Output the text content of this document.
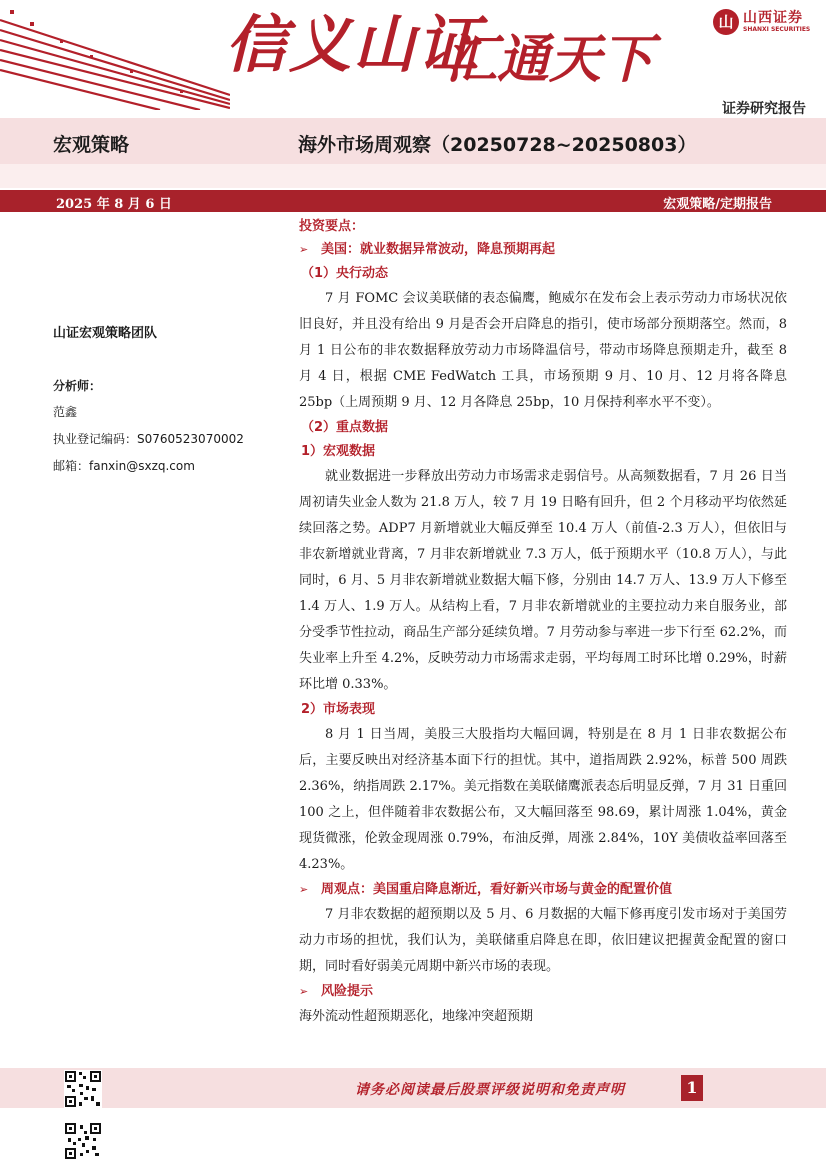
信义山证
汇通天下
山 山西证券
SHANXI SECURITIES
证券研究报告
宏观策略	海外市场周观察（20250728~20250803）
2025 年 8 月 6 日	宏观策略/定期报告
山证宏观策略团队
分析师：
范鑫
执业登记编码：S0760523070002
邮箱：fanxin@sxzq.com
投资要点：
➢ 美国：就业数据异常波动，降息预期再起
（1）央行动态

7 月 FOMC 会议美联储的表态偏鹰，鲍威尔在发布会上表示劳动力市场状况依旧良好，并且没有给出 9 月是否会开启降息的指引，使市场部分预期落空。然而，8 月 1 日公布的非农数据释放劳动力市场降温信号，带动市场降息预期走升，截至 8 月 4 日，根据 CME FedWatch 工具，市场预期 9 月、10 月、12 月将各降息 25bp（上周预期 9 月、12 月各降息 25bp，10 月保持利率水平不变）。

（2）重点数据
1）宏观数据

就业数据进一步释放出劳动力市场需求走弱信号。从高频数据看，7 月 26 日当周初请失业金人数为 21.8 万人，较 7 月 19 日略有回升，但 2 个月移动平均依然延续回落之势。ADP7 月新增就业大幅反弹至 10.4 万人（前值-2.3 万人），但依旧与非农新增就业背离，7 月非农新增就业 7.3 万人，低于预期水平（10.8 万人），与此同时，6 月、5 月非农新增就业数据大幅下修，分别由 14.7 万人、13.9 万人下修至 1.4 万人、1.9 万人。从结构上看，7 月非农新增就业的主要拉动力来自服务业，部分受季节性拉动，商品生产部分延续负增。7 月劳动参与率进一步下行至 62.2%，而失业率上升至 4.2%，反映劳动力市场需求走弱，平均每周工时环比增 0.29%，时薪环比增 0.33%。

2）市场表现

8 月 1 日当周，美股三大股指均大幅回调，特别是在 8 月 1 日非农数据公布后，主要反映出对经济基本面下行的担忧。其中，道指周跌 2.92%，标普 500 周跌 2.36%，纳指周跌 2.17%。美元指数在美联储鹰派表态后明显反弹，7 月 31 日重回 100 之上，但伴随着非农数据公布，又大幅回落至 98.69，累计周涨 1.04%，黄金现货微涨，伦敦金现周涨 0.79%，布油反弹，周涨 2.84%，10Y 美债收益率回落至 4.23%。

➢ 周观点：美国重启降息渐近，看好新兴市场与黄金的配置价值

7 月非农数据的超预期以及 5 月、6 月数据的大幅下修再度引发市场对于美国劳动力市场的担忧，我们认为，美联储重启降息在即，依旧建议把握黄金配置的窗口期，同时看好弱美元周期中新兴市场的表现。

➢ 风险提示

海外流动性超预期恶化，地缘冲突超预期

请务必阅读最后股票评级说明和免责声明	1
